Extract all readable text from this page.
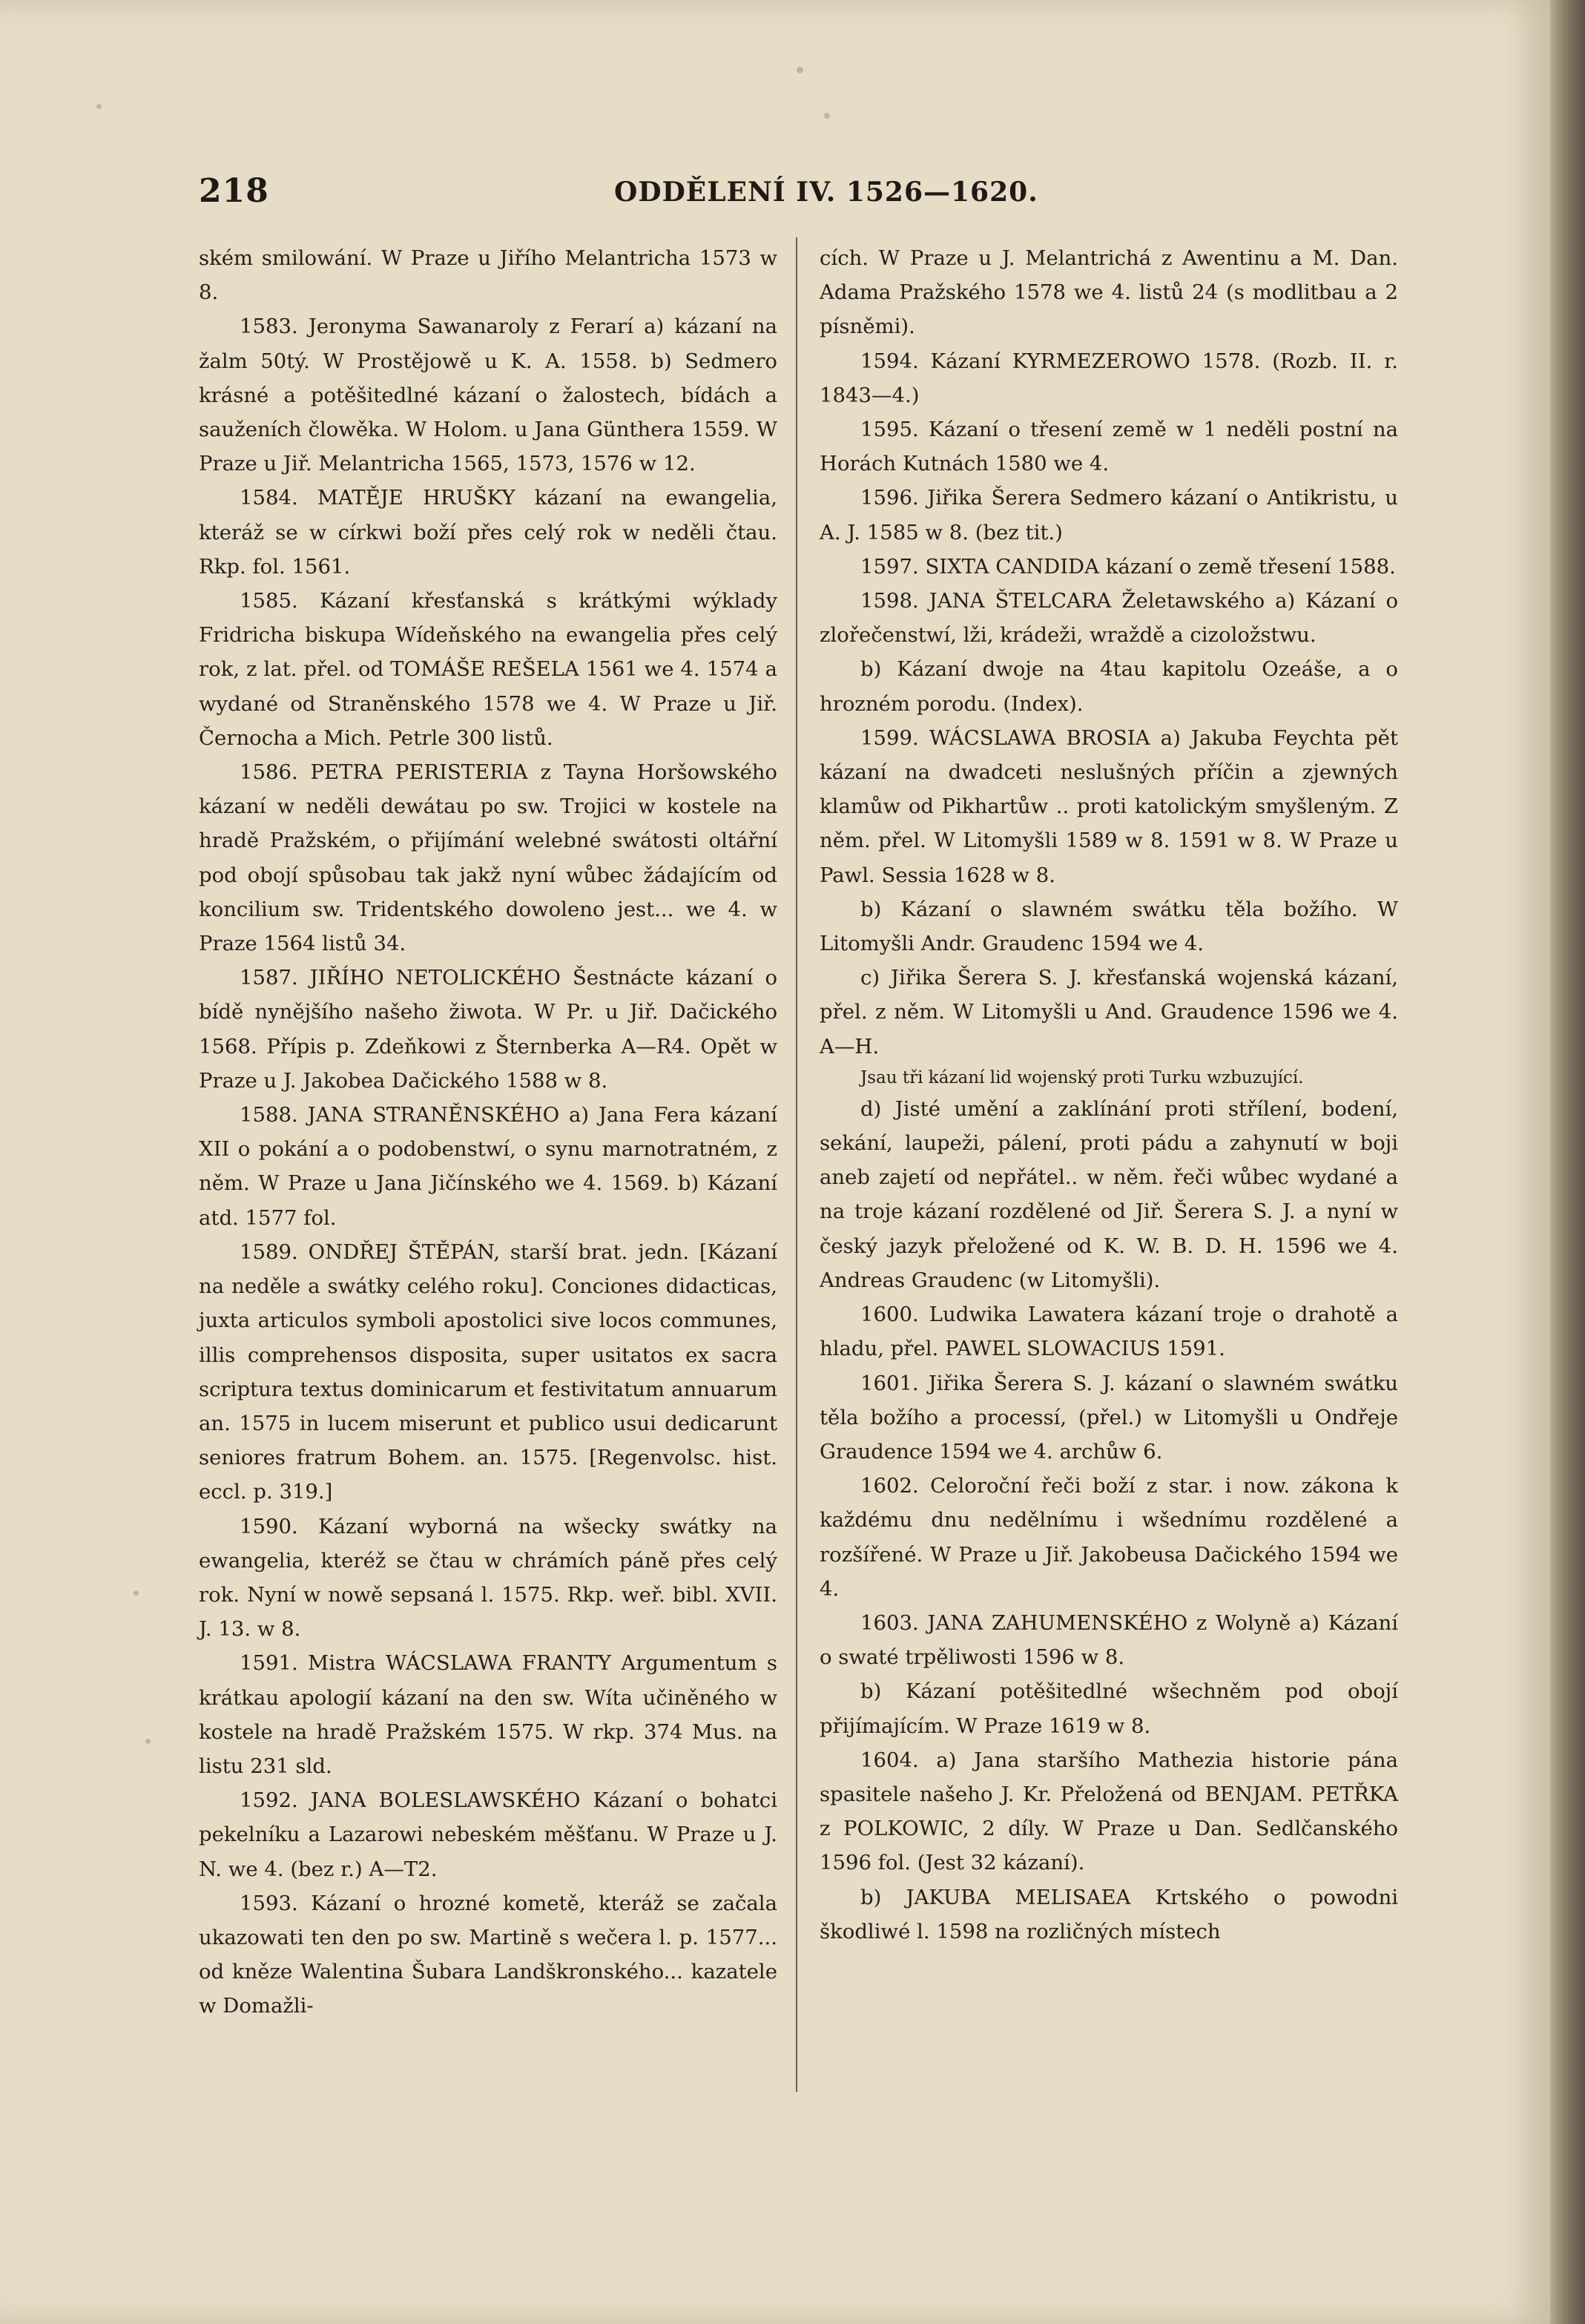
218	ODDĚLENÍ IV. 1526—1620.

ském smilowání. W Praze u Jiřího Melantricha 1573 w 8.

1583. Jeronyma Sawanaroly z Ferarí a) kázaní na žalm 50tý. W Prostějowě u K. A. 1558. b) Sedmero krásné a potěšitedlné kázaní o žalostech, bídách a sauženích člowěka. W Holom. u Jana Günthera 1559. W Praze u Jiř. Melantricha 1565, 1573, 1576 w 12.

1584. MATĚJE HRUŠKY kázaní na ewangelia, kteráž se w církwi boží přes celý rok w neděli čtau. Rkp. fol. 1561.

1585. Kázaní křesťanská s krátkými wýklady Fridricha biskupa Wídeňského na ewangelia přes celý rok, z lat. přel. od TOMÁŠE REŠELA 1561 we 4. 1574 a wydané od Straněnského 1578 we 4. W Praze u Jiř. Černocha a Mich. Petrle 300 listů.

1586. PETRA PERISTERIA z Tayna Horšowského kázaní w neděli dewátau po sw. Trojici w kostele na hradě Pražském, o přijímání welebné swátosti oltářní pod obojí spůsobau tak jakž nyní wůbec žádajícím od koncilium sw. Tridentského dowoleno jest... we 4. w Praze 1564 listů 34.

1587. JIŘÍHO NETOLICKÉHO Šestnácte kázaní o bídě nynějšího našeho žiwota. W Pr. u Jiř. Dačického 1568. Přípis p. Zdeňkowi z Šternberka A—R4. Opět w Praze u J. Jakobea Dačického 1588 w 8.

1588. JANA STRANĚNSKÉHO a) Jana Fera kázaní XII o pokání a o podobenstwí, o synu marnotratném, z něm. W Praze u Jana Jičínského we 4. 1569. b) Kázaní atd. 1577 fol.

1589. ONDŘEJ ŠTĚPÁN, starší brat. jedn. [Kázaní na neděle a swátky celého roku]. Conciones didacticas, juxta articulos symboli apostolici sive locos communes, illis comprehensos disposita, super usitatos ex sacra scriptura textus dominicarum et festivitatum annuarum an. 1575 in lucem miserunt et publico usui dedicarunt seniores fratrum Bohem. an. 1575. [Regenvolsc. hist. eccl. p. 319.]

1590. Kázaní wyborná na wšecky swátky na ewangelia, kteréž se čtau w chrámích páně přes celý rok. Nyní w nowě sepsaná l. 1575. Rkp. weř. bibl. XVII. J. 13. w 8.

1591. Mistra WÁCSLAWA FRANTY Argumentum s krátkau apologií kázaní na den sw. Wíta učiněného w kostele na hradě Pražském 1575. W rkp. 374 Mus. na listu 231 sld.

1592. JANA BOLESLAWSKÉHO Kázaní o bohatci pekelníku a Lazarowi nebeském měšťanu. W Praze u J. N. we 4. (bez r.) A—T2.

1593. Kázaní o hrozné kometě, kteráž se začala ukazowati ten den po sw. Martině s wečera l. p. 1577... od kněze Walentina Šubara Landškronského... kazatele w Domažli-

cích. W Praze u J. Melantrichá z Awentinu a M. Dan. Adama Pražského 1578 we 4. listů 24 (s modlitbau a 2 písněmi).

1594. Kázaní KYRMEZEROWO 1578. (Rozb. II. r. 1843—4.)

1595. Kázaní o třesení země w 1 neděli postní na Horách Kutnách 1580 we 4.

1596. Jiřika Šerera Sedmero kázaní o Antikristu, u A. J. 1585 w 8. (bez tit.)

1597. SIXTA CANDIDA kázaní o země třesení 1588.

1598. JANA ŠTELCARA Želetawského a) Kázaní o zlořečenstwí, lži, krádeži, wraždě a cizoložstwu.

b) Kázaní dwoje na 4tau kapitolu Ozeáše, a o hrozném porodu. (Index).

1599. WÁCSLAWA BROSIA a) Jakuba Feychta pět kázaní na dwadceti neslušných příčin a zjewných klamůw od Pikhartůw .. proti katolickým smyšleným. Z něm. přel. W Litomyšli 1589 w 8. 1591 w 8. W Praze u Pawl. Sessia 1628 w 8.

b) Kázaní o slawném swátku těla božího. W Litomyšli Andr. Graudenc 1594 we 4.

c) Jiřika Šerera S. J. křesťanská wojenská kázaní, přel. z něm. W Litomyšli u And. Graudence 1596 we 4. A—H.

Jsau tři kázaní lid wojenský proti Turku wzbuzující.

d) Jisté umění a zaklínání proti střílení, bodení, sekání, laupeži, pálení, proti pádu a zahynutí w boji aneb zajetí od nepřátel.. w něm. řeči wůbec wydané a na troje kázaní rozdělené od Jiř. Šerera S. J. a nyní w český jazyk přeložené od K. W. B. D. H. 1596 we 4. Andreas Graudenc (w Litomyšli).

1600. Ludwika Lawatera kázaní troje o drahotě a hladu, přel. PAWEL SLOWACIUS 1591.

1601. Jiřika Šerera S. J. kázaní o slawném swátku těla božího a processí, (přel.) w Litomyšli u Ondřeje Graudence 1594 we 4. archůw 6.

1602. Celoroční řeči boží z star. i now. zákona k každému dnu nedělnímu i wšednímu rozdělené a rozšířené. W Praze u Jiř. Jakobeusa Dačického 1594 we 4.

1603. JANA ZAHUMENSKÉHO z Wolyně a) Kázaní o swaté trpěliwosti 1596 w 8.

b) Kázaní potěšitedlné wšechněm pod obojí přijímajícím. W Praze 1619 w 8.

1604. a) Jana staršího Mathezia historie pána spasitele našeho J. Kr. Přeložená od BENJAM. PETŘKA z POLKOWIC, 2 díly. W Praze u Dan. Sedlčanského 1596 fol. (Jest 32 kázaní).

b) JAKUBA MELISAEA Krtského o powodni škodliwé l. 1598 na rozličných místech
